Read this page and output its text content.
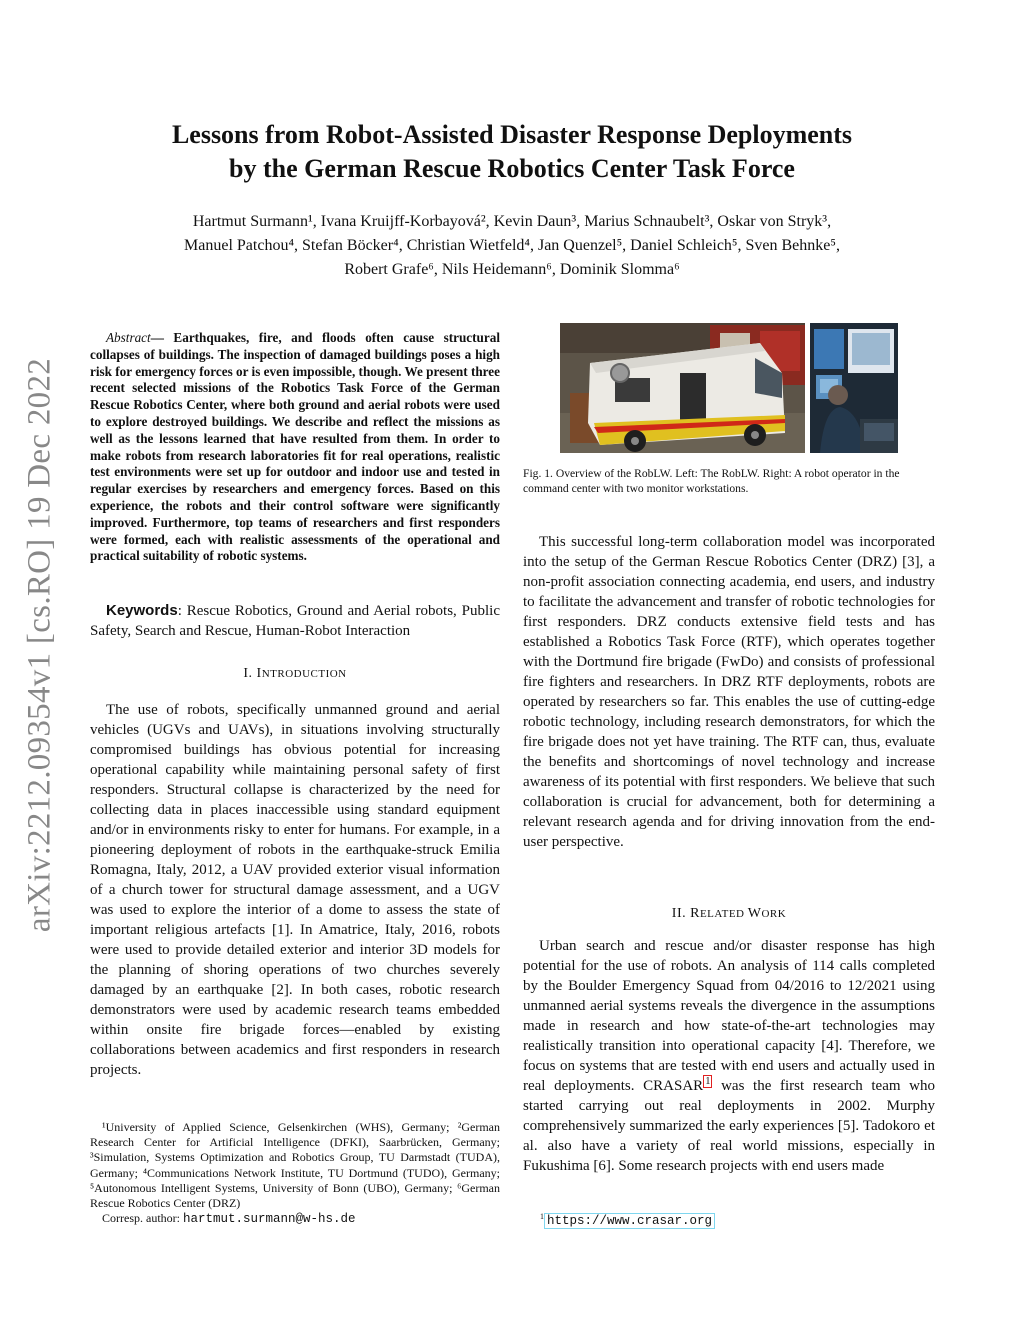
arXiv:2212.09354v1 [cs.RO] 19 Dec 2022
Lessons from Robot-Assisted Disaster Response Deployments
by the German Rescue Robotics Center Task Force
Hartmut Surmann¹, Ivana Kruijff-Korbayová², Kevin Daun³, Marius Schnaubelt³, Oskar von Stryk³,
Manuel Patchou⁴, Stefan Böcker⁴, Christian Wietfeld⁴, Jan Quenzel⁵, Daniel Schleich⁵, Sven Behnke⁵,
Robert Grafe⁶, Nils Heidemann⁶, Dominik Slomma⁶

Abstract— Earthquakes, fire, and floods often cause structural collapses of buildings. The inspection of damaged buildings poses a high risk for emergency forces or is even impossible, though. We present three recent selected missions of the Robotics Task Force of the German Rescue Robotics Center, where both ground and aerial robots were used to explore destroyed buildings. We describe and reflect the missions as well as the lessons learned that have resulted from them. In order to make robots from research laboratories fit for real operations, realistic test environments were set up for outdoor and indoor use and tested in regular exercises by researchers and emergency forces. Based on this experience, the robots and their control software were significantly improved. Furthermore, top teams of researchers and first responders were formed, each with realistic assessments of the operational and practical suitability of robotic systems.

Keywords: Rescue Robotics, Ground and Aerial robots, Public Safety, Search and Rescue, Human-Robot Interaction

I. INTRODUCTION

The use of robots, specifically unmanned ground and aerial vehicles (UGVs and UAVs), in situations involving structurally compromised buildings has obvious potential for increasing operational capability while maintaining personal safety of first responders. Structural collapse is characterized by the need for collecting data in places inaccessible using standard equipment and/or in environments risky to enter for humans. For example, in a pioneering deployment of robots in the earthquake-struck Emilia Romagna, Italy, 2012, a UAV provided exterior visual information of a church tower for structural damage assessment, and a UGV was used to explore the interior of a dome to assess the state of important religious artefacts [1]. In Amatrice, Italy, 2016, robots were used to provide detailed exterior and interior 3D models for the planning of shoring operations of two churches severely damaged by an earthquake [2]. In both cases, robotic research demonstrators were used by academic research teams embedded within onsite fire brigade forces—enabled by existing collaborations between academics and first responders in research projects.

¹University of Applied Science, Gelsenkirchen (WHS), Germany; ²German Research Center for Artificial Intelligence (DFKI), Saarbrücken, Germany; ³Simulation, Systems Optimization and Robotics Group, TU Darmstadt (TUDA), Germany; ⁴Communications Network Institute, TU Dortmund (TUDO), Germany; ⁵Autonomous Intelligent Systems, University of Bonn (UBO), Germany; ⁶German Rescue Robotics Center (DRZ)

Corresp. author: hartmut.surmann@w-hs.de

Fig. 1. Overview of the RobLW. Left: The RobLW. Right: A robot operator in the command center with two monitor workstations.

This successful long-term collaboration model was incorporated into the setup of the German Rescue Robotics Center (DRZ) [3], a non-profit association connecting academia, end users, and industry to facilitate the advancement and transfer of robotic technologies for first responders. DRZ conducts extensive field tests and has established a Robotics Task Force (RTF), which operates together with the Dortmund fire brigade (FwDo) and consists of professional fire fighters and researchers. In DRZ RTF deployments, robots are operated by researchers so far. This enables the use of cutting-edge robotic technology, including research demonstrators, for which the fire brigade does not yet have training. The RTF can, thus, evaluate the benefits and shortcomings of novel technology and increase awareness of its potential with first responders. We believe that such collaboration is crucial for advancement, both for determining a relevant research agenda and for driving innovation from the end-user perspective.

II. RELATED WORK

Urban search and rescue and/or disaster response has high potential for the use of robots. An analysis of 114 calls completed by the Boulder Emergency Squad from 04/2016 to 12/2021 using unmanned aerial systems reveals the divergence in the assumptions made in research and how state-of-the-art technologies may realistically transition into operational capacity [4]. Therefore, we focus on systems that are tested with end users and actually used in real deployments. CRASAR $^1$ was the first research team who started carrying out real deployments in 2002. Murphy comprehensively summarized the early experiences [5]. Tadokoro et al. also have a variety of real world missions, especially in Fukushima [6]. Some research projects with end users made

$^1$ https://www.crasar.org
